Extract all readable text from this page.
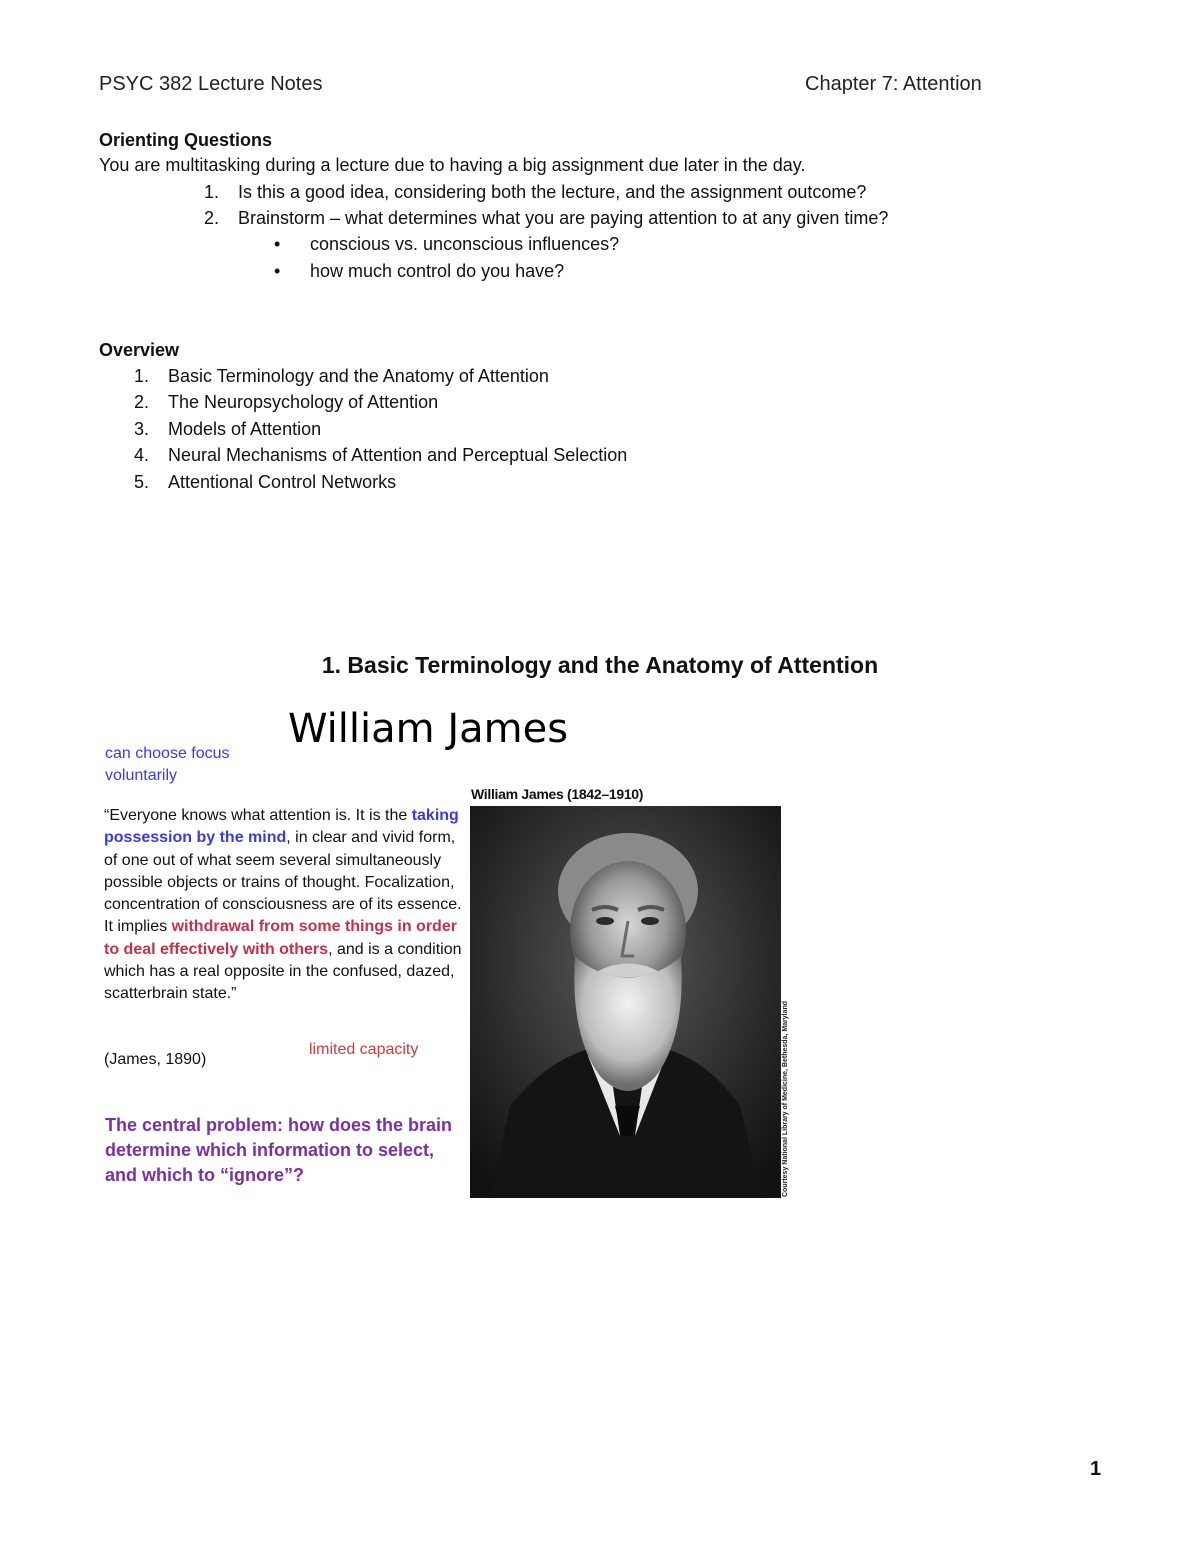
PSYC 382 Lecture Notes	Chapter 7: Attention
Orienting Questions
You are multitasking during a lecture due to having a big assignment due later in the day.
1. Is this a good idea, considering both the lecture, and the assignment outcome?
2. Brainstorm – what determines what you are paying attention to at any given time?
• conscious vs. unconscious influences?
• how much control do you have?
Overview
1. Basic Terminology and the Anatomy of Attention
2. The Neuropsychology of Attention
3. Models of Attention
4. Neural Mechanisms of Attention and Perceptual Selection
5. Attentional Control Networks
1. Basic Terminology and the Anatomy of Attention
William James
can choose focus
voluntarily
“Everyone knows what attention is. It is the taking possession by the mind, in clear and vivid form, of one out of what seem several simultaneously possible objects or trains of thought. Focalization, concentration of consciousness are of its essence. It implies withdrawal from some things in order to deal effectively with others, and is a condition which has a real opposite in the confused, dazed, scatterbrain state.”
limited capacity
(James, 1890)
The central problem: how does the brain determine which information to select, and which to “ignore”?
William James (1842–1910)
Courtesy National Library of Medicine, Bethesda, Maryland
1
